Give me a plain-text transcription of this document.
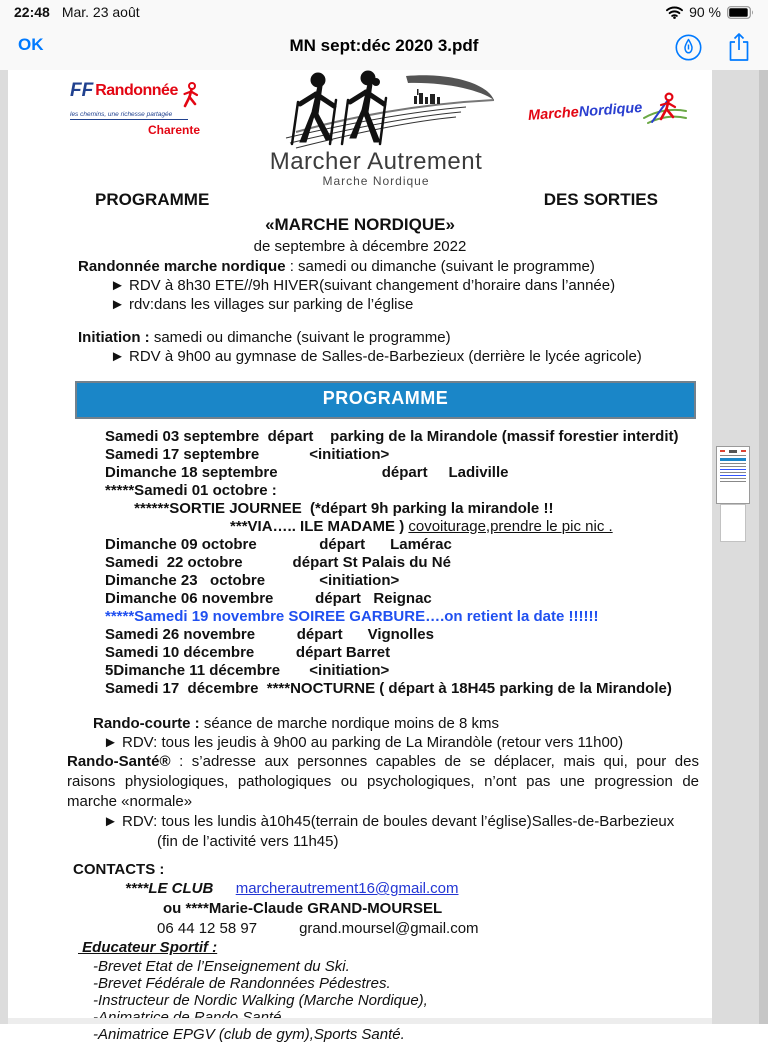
22:48 Mar. 23 août	90 %
OK	MN sept:déc 2020 3.pdf
FF Randonnée
les chemins, une richesse partagée
Charente
Marcher Autrement
Marche Nordique
MarcheNordique
PROGRAMME	DES SORTIES
«MARCHE NORDIQUE»
de septembre à décembre 2022
Randonnée marche nordique : samedi ou dimanche (suivant le programme)
► RDV à 8h30 ETE//9h HIVER(suivant changement d’horaire dans l’année)
► rdv:dans les villages sur parking de l’église
Initiation : samedi ou dimanche (suivant le programme)
► RDV à 9h00 au gymnase de Salles-de-Barbezieux (derrière le lycée agricole)
PROGRAMME
Samedi 03 septembre  départ    parking de la Mirandole (massif forestier interdit)
Samedi 17 septembre            <initiation>
Dimanche 18 septembre                         départ     Ladiville
*****Samedi 01 octobre :
******SORTIE JOURNEE  (*départ 9h parking la mirandole !!
***VIA….. ILE MADAME ) covoiturage,prendre le pic nic .
Dimanche 09 octobre               départ      Lamérac
Samedi  22 octobre            départ St Palais du Né
Dimanche 23   octobre             <initiation>
Dimanche 06 novembre          départ   Reignac
*****Samedi 19 novembre SOIREE GARBURE….on retient la date !!!!!!
Samedi 26 novembre          départ      Vignolles
Samedi 10 décembre          départ Barret
5Dimanche 11 décembre       <initiation>
Samedi 17  décembre  ****NOCTURNE ( départ à 18H45 parking de la Mirandole)
Rando-courte : séance de marche nordique moins de 8 kms
► RDV: tous les jeudis à 9h00 au parking de La Mirandòle (retour vers 11h00)
Rando-Santé® : s’adresse aux personnes capables de se déplacer, mais qui, pour des raisons physiologiques, pathologiques ou psychologiques, n’ont pas une progression de marche «normale»
► RDV: tous les lundis à10h45(terrain de boules devant l’église)Salles-de-Barbezieux
(fin de l’activité vers 11h45)
CONTACTS :
****LE CLUB marcherautrement16@gmail.com
ou ****Marie-Claude GRAND-MOURSEL
06 44 12 58 97	grand.moursel@gmail.com
Educateur Sportif :
-Brevet Etat de l’Enseignement du Ski.
-Brevet Fédérale de Randonnées Pédestres.
-Instructeur de Nordic Walking (Marche Nordique),
-Animatrice EPGV (club de gym),Sports Santé.
